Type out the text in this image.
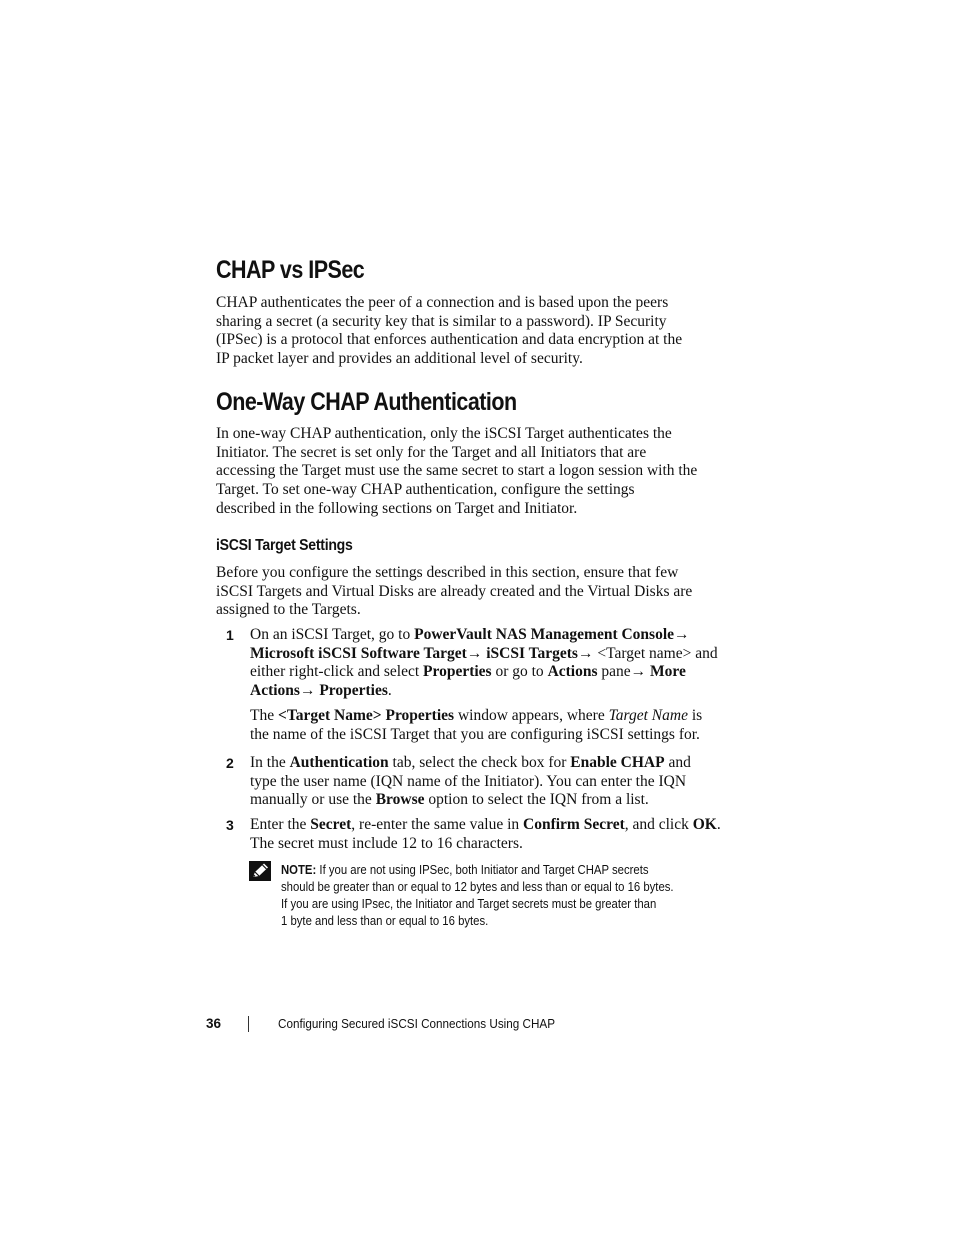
CHAP vs IPSec
CHAP authenticates the peer of a connection and is based upon the peers
sharing a secret (a security key that is similar to a password). IP Security
(IPSec) is a protocol that enforces authentication and data encryption at the
IP packet layer and provides an additional level of security.
One-Way CHAP Authentication
In one-way CHAP authentication, only the iSCSI Target authenticates the
Initiator. The secret is set only for the Target and all Initiators that are
accessing the Target must use the same secret to start a logon session with the
Target. To set one-way CHAP authentication, configure the settings
described in the following sections on Target and Initiator.
iSCSI Target Settings
Before you configure the settings described in this section, ensure that few
iSCSI Targets and Virtual Disks are already created and the Virtual Disks are
assigned to the Targets.
1 On an iSCSI Target, go to PowerVault NAS Management Console→
Microsoft iSCSI Software Target→ iSCSI Targets→ <Target name> and
either right-click and select Properties or go to Actions pane→ More
Actions→ Properties.
The <Target Name> Properties window appears, where Target Name is
the name of the iSCSI Target that you are configuring iSCSI settings for.
2 In the Authentication tab, select the check box for Enable CHAP and
type the user name (IQN name of the Initiator). You can enter the IQN
manually or use the Browse option to select the IQN from a list.
3 Enter the Secret, re-enter the same value in Confirm Secret, and click OK.
The secret must include 12 to 16 characters.
NOTE: If you are not using IPSec, both Initiator and Target CHAP secrets
should be greater than or equal to 12 bytes and less than or equal to 16 bytes.
If you are using IPsec, the Initiator and Target secrets must be greater than
1 byte and less than or equal to 16 bytes.
36	Configuring Secured iSCSI Connections Using CHAP
